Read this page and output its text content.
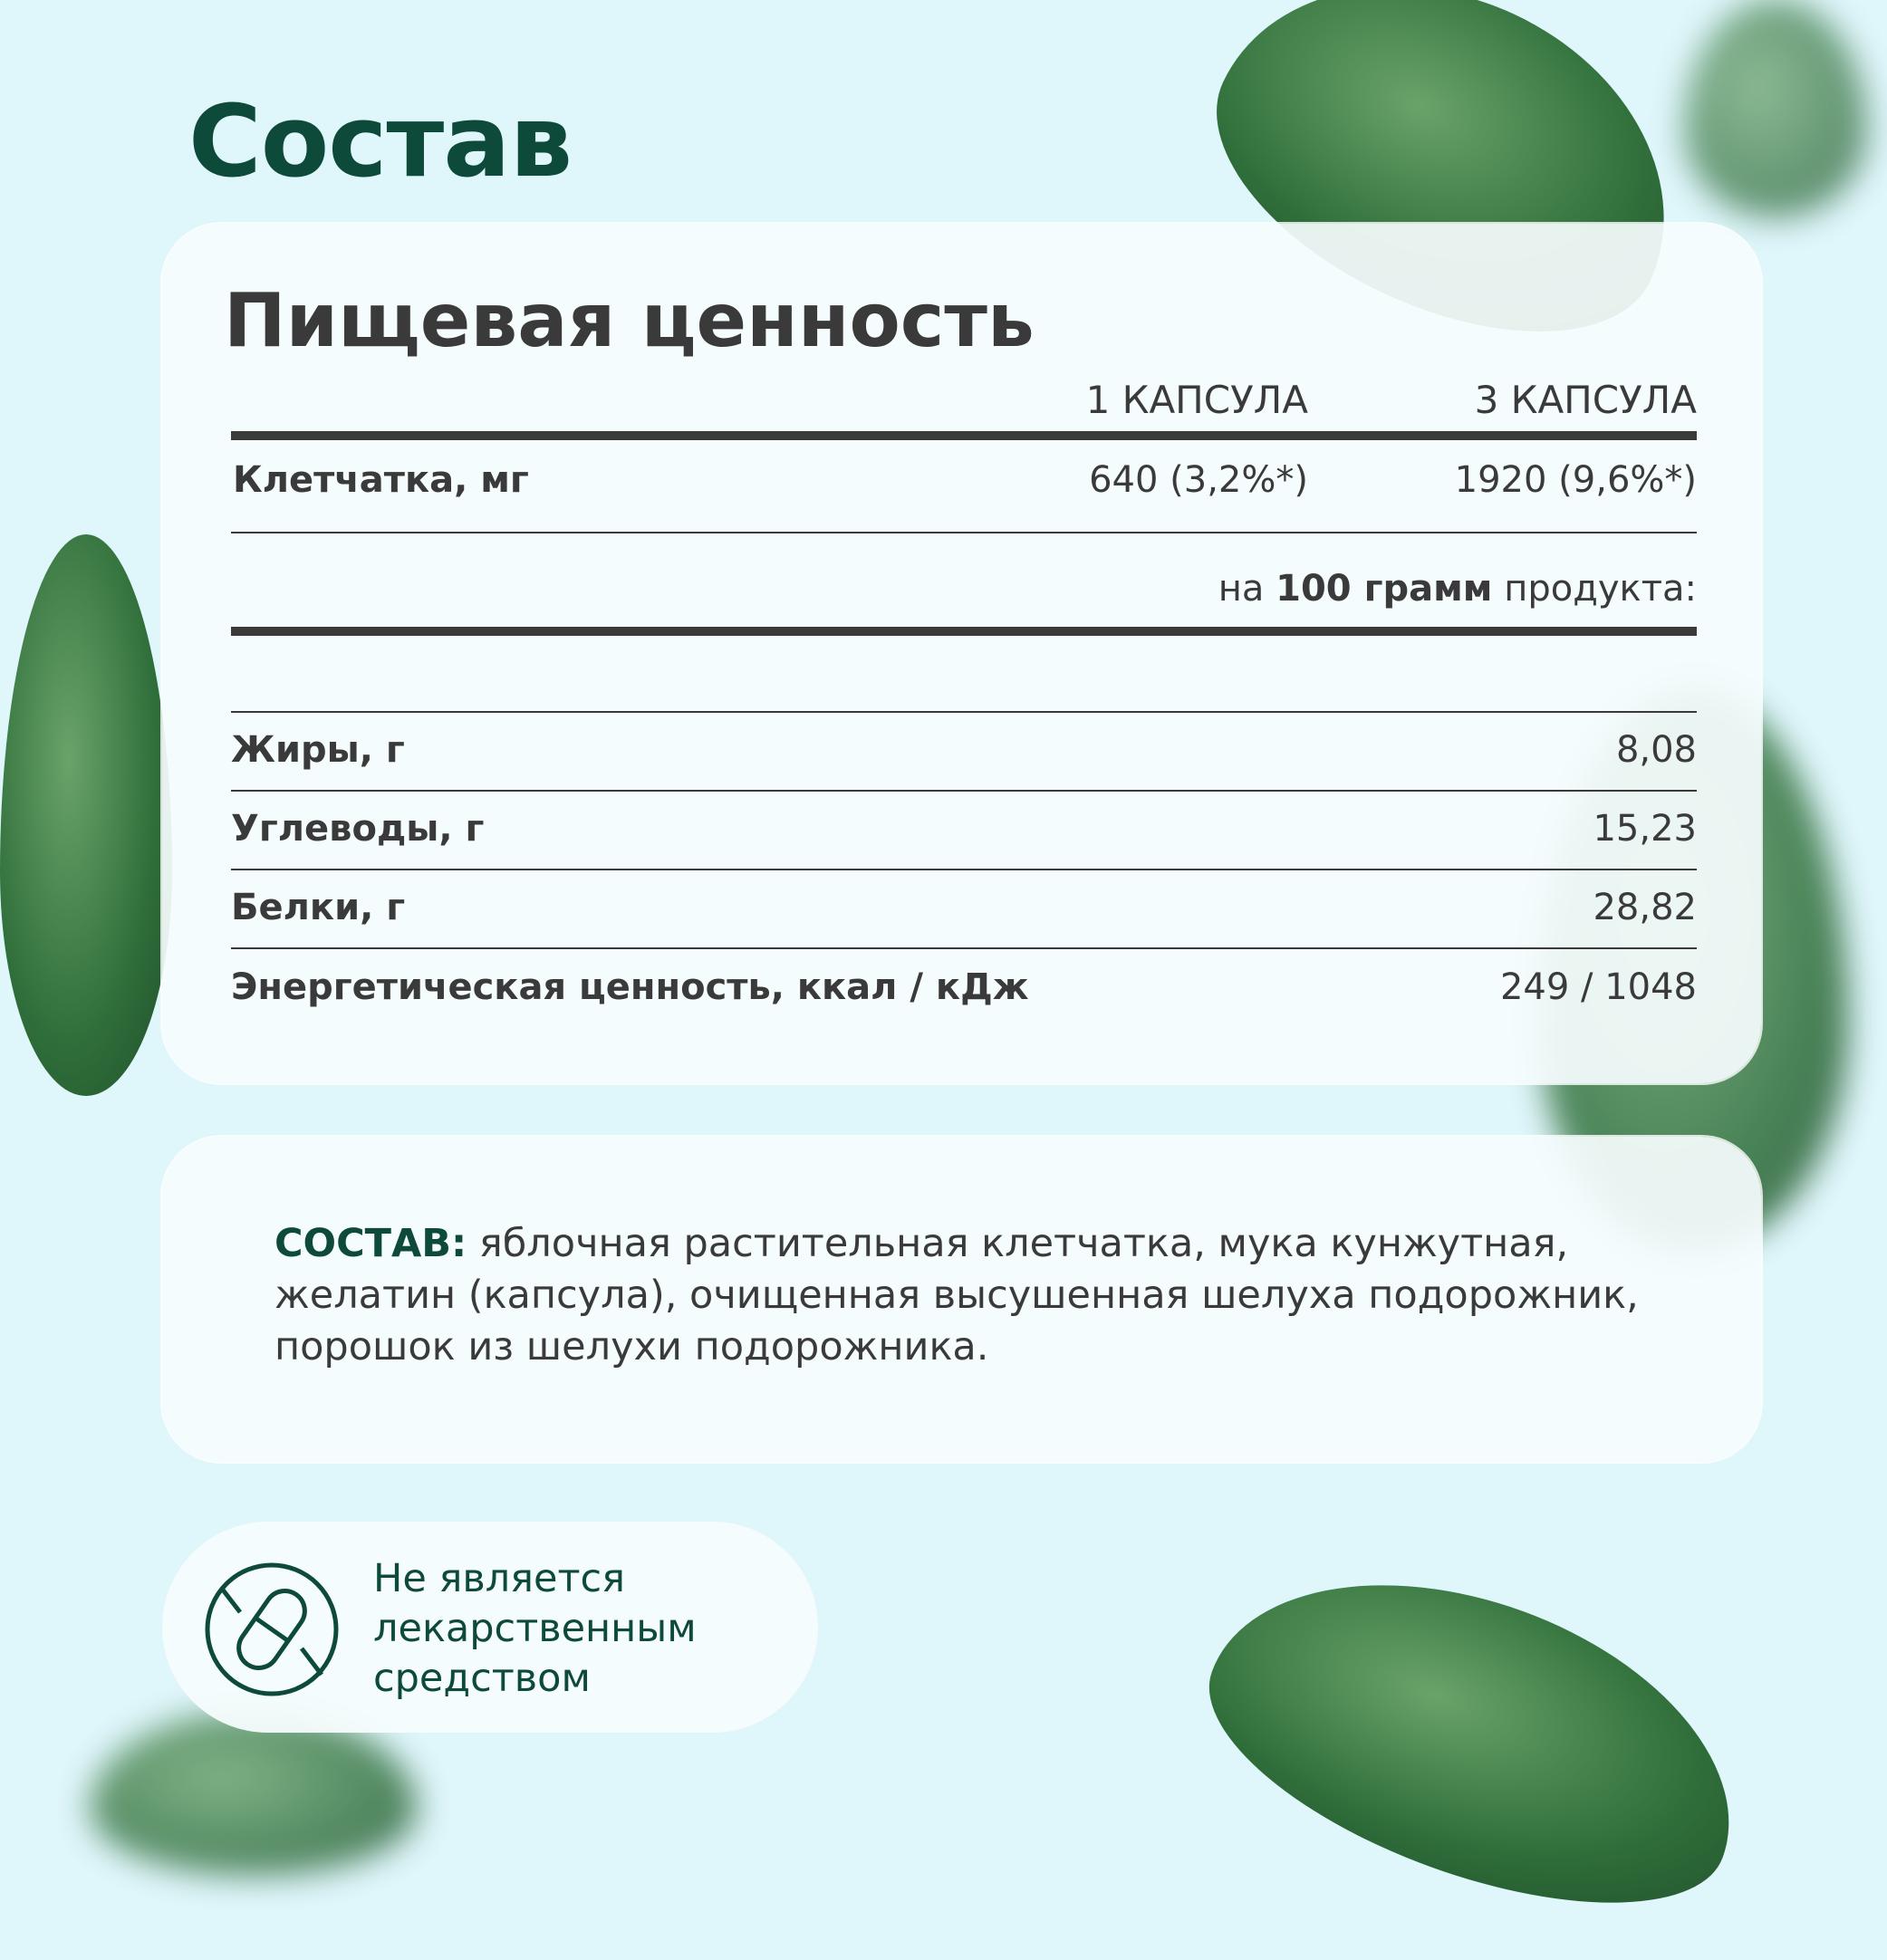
Состав
Пищевая ценность
1 КАПСУЛА	3 КАПСУЛА
Клетчатка, мг	640 (3,2%*)	1920 (9,6%*)
на 100 грамм продукта:
Жиры, г	8,08
Углеводы, г	15,23
Белки, г	28,82
Энергетическая ценность, ккал / кДж	249 / 1048
СОСТАВ: яблочная растительная клетчатка, мука кунжутная, желатин (капсула), очищенная высушенная шелуха подорожник, порошок из шелухи подорожника.
Не является
лекарственным
средством
